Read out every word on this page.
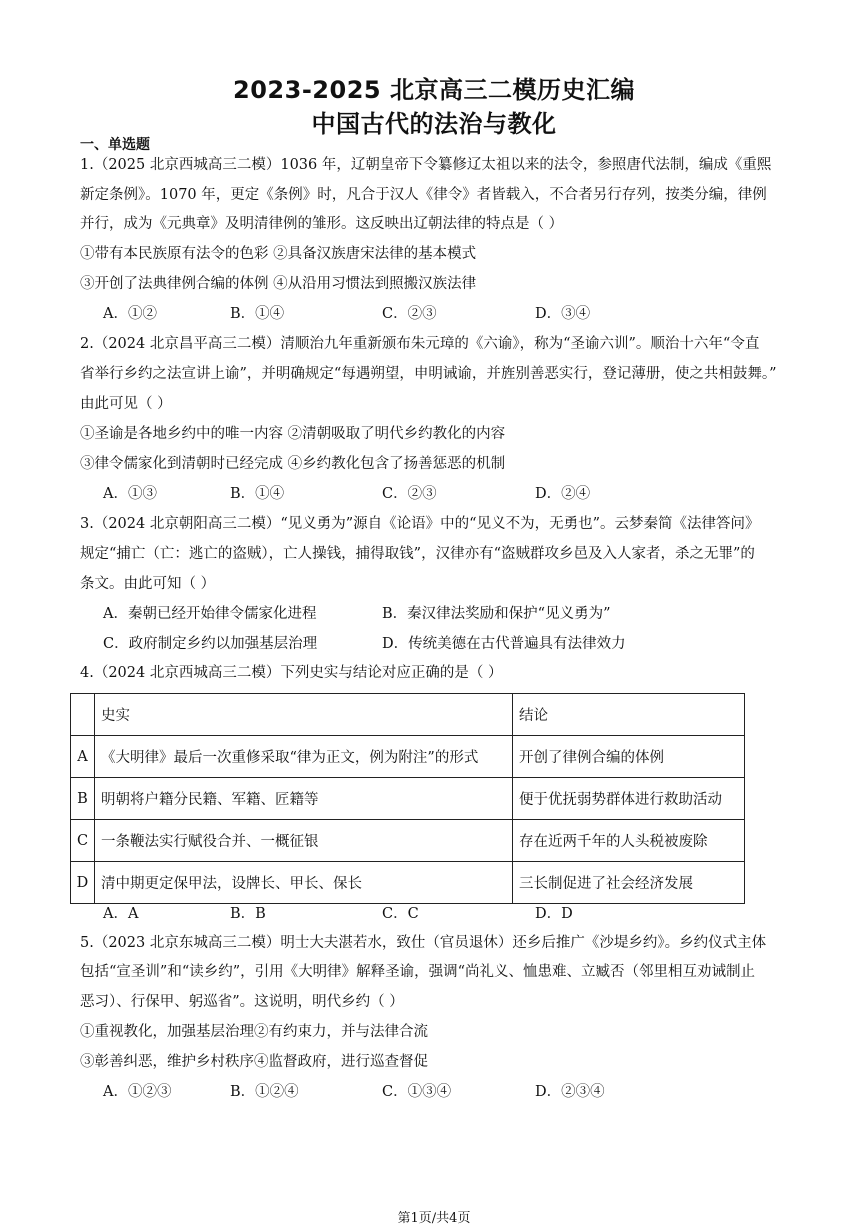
2023-2025 北京高三二模历史汇编
中国古代的法治与教化
一、单选题
1.（2025 北京西城高三二模）1036 年，辽朝皇帝下令纂修辽太祖以来的法令，参照唐代法制，编成《重熙
新定条例》。1070 年，更定《条例》时，凡合于汉人《律令》者皆载入，不合者另行存列，按类分编，律例
并行，成为《元典章》及明清律例的雏形。这反映出辽朝法律的特点是（ ）
①带有本民族原有法令的色彩 ②具备汉族唐宋法律的基本模式
③开创了法典律例合编的体例 ④从沿用习惯法到照搬汉族法律
A．①②	B．①④	C．②③	D．③④
2.（2024 北京昌平高三二模）清顺治九年重新颁布朱元璋的《六谕》，称为“圣谕六训”。顺治十六年“令直
省举行乡约之法宣讲上谕”，并明确规定“每遇朔望，申明诫谕，并旌别善恶实行，登记薄册，使之共相鼓舞。”
由此可见（ ）
①圣谕是各地乡约中的唯一内容 ②清朝吸取了明代乡约教化的内容
③律令儒家化到清朝时已经完成 ④乡约教化包含了扬善惩恶的机制
A．①③	B．①④	C．②③	D．②④
3.（2024 北京朝阳高三二模）“见义勇为”源自《论语》中的“见义不为，无勇也”。云梦秦简《法律答问》
规定“捕亡（亡：逃亡的盗贼），亡人操钱，捕得取钱”，汉律亦有“盗贼群攻乡邑及入人家者，杀之无罪”的
条文。由此可知（ ）
A．秦朝已经开始律令儒家化进程	B．秦汉律法奖励和保护“见义勇为”
C．政府制定乡约以加强基层治理	D．传统美德在古代普遍具有法律效力
4.（2024 北京西城高三二模）下列史实与结论对应正确的是（ ）
	史实	结论
A	《大明律》最后一次重修采取“律为正文，例为附注”的形式	开创了律例合编的体例
B	明朝将户籍分民籍、军籍、匠籍等	便于优抚弱势群体进行救助活动
C	一条鞭法实行赋役合并、一概征银	存在近两千年的人头税被废除
D	清中期更定保甲法，设牌长、甲长、保长	三长制促进了社会经济发展
A．A	B．B	C．C	D．D
5.（2023 北京东城高三二模）明士大夫湛若水，致仕（官员退休）还乡后推广《沙堤乡约》。乡约仪式主体
包括“宣圣训”和“读乡约”，引用《大明律》解释圣谕，强调“尚礼义、恤患难、立臧否（邻里相互劝诫制止
恶习）、行保甲、躬巡省”。这说明，明代乡约（ ）
①重视教化，加强基层治理②有约束力，并与法律合流
③彰善纠恶，维护乡村秩序④监督政府，进行巡查督促
A．①②③	B．①②④	C．①③④	D．②③④
第1页/共4页
